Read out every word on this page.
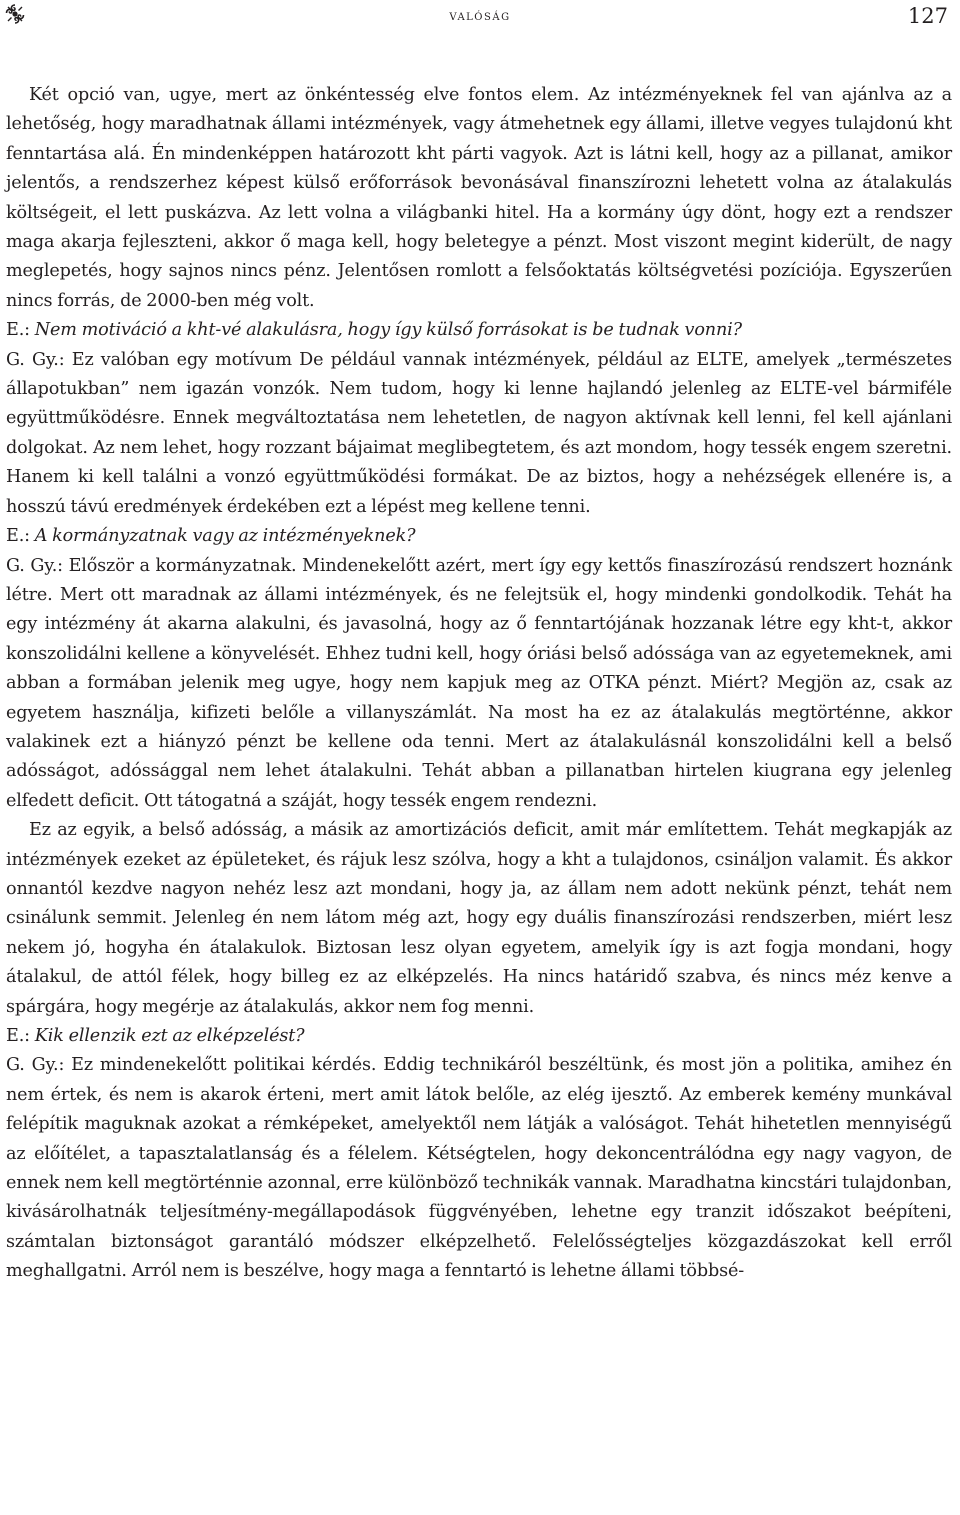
valóság	127

Két opció van, ugye, mert az önkéntesség elve fontos elem. Az intézményeknek fel van ajánlva az a lehetőség, hogy maradhatnak állami intézmények, vagy átmehetnek egy állami, illetve vegyes tulajdonú kht fenntartása alá. Én mindenképpen határozott kht párti vagyok. Azt is látni kell, hogy az a pillanat, amikor jelentős, a rendszerhez képest külső erőforrások bevonásával finanszírozni lehetett volna az átalakulás költségeit, el lett puskázva. Az lett volna a világbanki hitel. Ha a kormány úgy dönt, hogy ezt a rendszer maga akarja fejleszteni, akkor ő maga kell, hogy beletegye a pénzt. Most viszont megint kiderült, de nagy meglepetés, hogy sajnos nincs pénz. Jelentősen romlott a felsőoktatás költségvetési pozíciója. Egyszerűen nincs forrás, de 2000-ben még volt.

E.: Nem motiváció a kht-vé alakulásra, hogy így külső forrásokat is be tudnak vonni?

G. Gy.: Ez valóban egy motívum De például vannak intézmények, például az ELTE, amelyek „természetes állapotukban” nem igazán vonzók. Nem tudom, hogy ki lenne hajlandó jelenleg az ELTE-vel bármiféle együttműködésre. Ennek megváltoztatása nem lehetetlen, de nagyon aktívnak kell lenni, fel kell ajánlani dolgokat. Az nem lehet, hogy rozzant bájaimat meglibegtetem, és azt mondom, hogy tessék engem szeretni. Hanem ki kell találni a vonzó együttműködési formákat. De az biztos, hogy a nehézségek ellenére is, a hosszú távú eredmények érdekében ezt a lépést meg kellene tenni.

E.: A kormányzatnak vagy az intézményeknek?

G. Gy.: Először a kormányzatnak. Mindenekelőtt azért, mert így egy kettős finaszírozású rendszert hoznánk létre. Mert ott maradnak az állami intézmények, és ne felejtsük el, hogy mindenki gondolkodik. Tehát ha egy intézmény át akarna alakulni, és javasolná, hogy az ő fenntartójának hozzanak létre egy kht-t, akkor konszolidálni kellene a könyvelését. Ehhez tudni kell, hogy óriási belső adóssága van az egyetemeknek, ami abban a formában jelenik meg ugye, hogy nem kapjuk meg az OTKA pénzt. Miért? Megjön az, csak az egyetem használja, kifizeti belőle a villanyszámlát. Na most ha ez az átalakulás megtörténne, akkor valakinek ezt a hiányzó pénzt be kellene oda tenni. Mert az átalakulásnál konszolidálni kell a belső adósságot, adóssággal nem lehet átalakulni. Tehát abban a pillanatban hirtelen kiugrana egy jelenleg elfedett deficit. Ott tátogatná a száját, hogy tessék engem rendezni.

Ez az egyik, a belső adósság, a másik az amortizációs deficit, amit már említettem. Tehát megkapják az intézmények ezeket az épületeket, és rájuk lesz szólva, hogy a kht a tulajdonos, csináljon valamit. És akkor onnantól kezdve nagyon nehéz lesz azt mondani, hogy ja, az állam nem adott nekünk pénzt, tehát nem csinálunk semmit. Jelenleg én nem látom még azt, hogy egy duális finanszírozási rendszerben, miért lesz nekem jó, hogyha én átalakulok. Biztosan lesz olyan egyetem, amelyik így is azt fogja mondani, hogy átalakul, de attól félek, hogy billeg ez az elképzelés. Ha nincs határidő szabva, és nincs méz kenve a spárgára, hogy megérje az átalakulás, akkor nem fog menni.

E.: Kik ellenzik ezt az elképzelést?

G. Gy.: Ez mindenekelőtt politikai kérdés. Eddig technikáról beszéltünk, és most jön a politika, amihez én nem értek, és nem is akarok érteni, mert amit látok belőle, az elég ijesztő. Az emberek kemény munkával felépítik maguknak azokat a rémképeket, amelyektől nem látják a valóságot. Tehát hihetetlen mennyiségű az előítélet, a tapasztalatlanság és a félelem. Kétségtelen, hogy dekoncentrálódna egy nagy vagyon, de ennek nem kell megtörténnie azonnal, erre különböző technikák vannak. Maradhatna kincstári tulajdonban, kivásárolhatnák teljesítmény-megállapodások függvényében, lehetne egy tranzit időszakot beépíteni, számtalan biztonságot garantáló módszer elképzelhető. Felelősségteljes közgazdászokat kell erről meghallgatni. Arról nem is beszélve, hogy maga a fenntartó is lehetne állami többsé-
